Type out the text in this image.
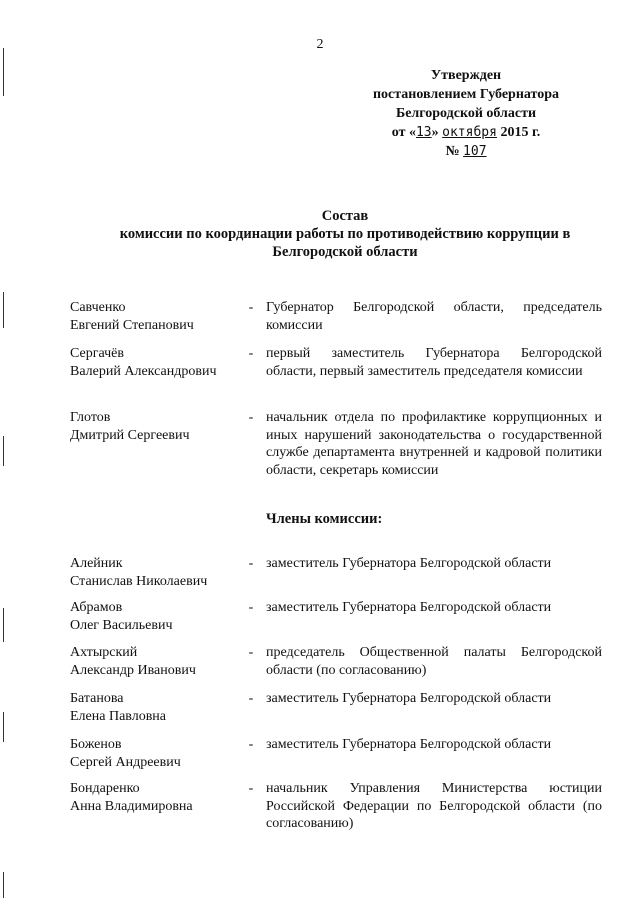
2
Утвержден
постановлением Губернатора
Белгородской области
от «13» октября 2015 г.
№ 107
Состав
комиссии по координации работы по противодействию коррупции в
Белгородской области
Савченко
Евгений Степанович
- Губернатор Белгородской области, председатель комиссии
Сергачёв
Валерий Александрович
- первый заместитель Губернатора Белгородской области, первый заместитель председателя комиссии
Глотов
Дмитрий Сергеевич
- начальник отдела по профилактике коррупционных и иных нарушений законодательства о государственной службе департамента внутренней и кадровой политики области, секретарь комиссии
Члены комиссии:
Алейник
Станислав Николаевич
- заместитель Губернатора Белгородской области
Абрамов
Олег Васильевич
- заместитель Губернатора Белгородской области
Ахтырский
Александр Иванович
- председатель Общественной палаты Белгородской области (по согласованию)
Батанова
Елена Павловна
- заместитель Губернатора Белгородской области
Боженов
Сергей Андреевич
- заместитель Губернатора Белгородской области
Бондаренко
Анна Владимировна
- начальник Управления Министерства юстиции Российской Федерации по Белгородской области (по согласованию)
